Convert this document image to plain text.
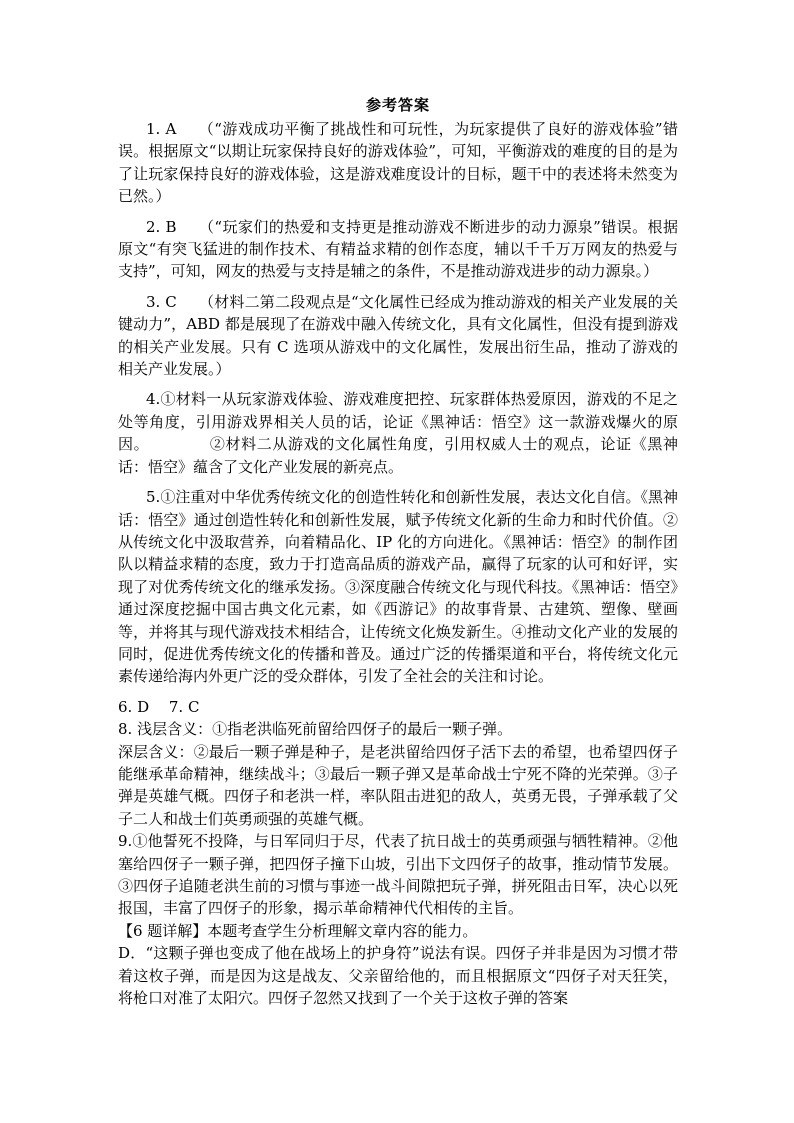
参考答案

1. A （“游戏成功平衡了挑战性和可玩性，为玩家提供了良好的游戏体验”错误。根据原文“以期让玩家保持良好的游戏体验”，可知，平衡游戏的难度的目的是为了让玩家保持良好的游戏体验，这是游戏难度设计的目标，题干中的表述将未然变为已然。）

2. B （“玩家们的热爱和支持更是推动游戏不断进步的动力源泉”错误。根据原文“有突飞猛进的制作技术、有精益求精的创作态度，辅以千千万万网友的热爱与支持”，可知，网友的热爱与支持是辅之的条件，不是推动游戏进步的动力源泉。）

3. C （材料二第二段观点是“文化属性已经成为推动游戏的相关产业发展的关键动力”，ABD 都是展现了在游戏中融入传统文化，具有文化属性，但没有提到游戏的相关产业发展。只有 C 选项从游戏中的文化属性，发展出衍生品，推动了游戏的相关产业发展。）

4.①材料一从玩家游戏体验、游戏难度把控、玩家群体热爱原因，游戏的不足之处等角度，引用游戏界相关人员的话，论证《黑神话：悟空》这一款游戏爆火的原因。	②材料二从游戏的文化属性角度，引用权威人士的观点，论证《黑神话：悟空》蕴含了文化产业发展的新亮点。

5.①注重对中华优秀传统文化的创造性转化和创新性发展，表达文化自信。《黑神话：悟空》通过创造性转化和创新性发展，赋予传统文化新的生命力和时代价值。②从传统文化中汲取营养，向着精品化、IP 化的方向进化。《黑神话：悟空》的制作团队以精益求精的态度，致力于打造高品质的游戏产品，赢得了玩家的认可和好评，实现了对优秀传统文化的继承发扬。③深度融合传统文化与现代科技。《黑神话：悟空》通过深度挖掘中国古典文化元素，如《西游记》的故事背景、古建筑、塑像、壁画等，并将其与现代游戏技术相结合，让传统文化焕发新生。④推动文化产业的发展的同时，促进优秀传统文化的传播和普及。通过广泛的传播渠道和平台，将传统文化元素传递给海内外更广泛的受众群体，引发了全社会的关注和讨论。

6. D　 7. C

8. 浅层含义：①指老洪临死前留给四伢子的最后一颗子弹。

深层含义：②最后一颗子弹是种子，是老洪留给四伢子活下去的希望，也希望四伢子能继承革命精神，继续战斗；③最后一颗子弹又是革命战士宁死不降的光荣弹。③子弹是英雄气概。四伢子和老洪一样，率队阻击进犯的敌人，英勇无畏，子弹承载了父子二人和战士们英勇顽强的英雄气概。

9.①他誓死不投降，与日军同归于尽，代表了抗日战士的英勇顽强与牺牲精神。②他塞给四伢子一颗子弹，把四伢子撞下山坡，引出下文四伢子的故事，推动情节发展。③四伢子追随老洪生前的习惯与事迹一战斗间隙把玩子弹，拼死阻击日军，决心以死报国，丰富了四伢子的形象，揭示革命精神代代相传的主旨。

【6 题详解】本题考查学生分析理解文章内容的能力。

D．“这颗子弹也变成了他在战场上的护身符”说法有误。四伢子并非是因为习惯才带着这枚子弹，而是因为这是战友、父亲留给他的，而且根据原文“四伢子对天狂笑，将枪口对准了太阳穴。四伢子忽然又找到了一个关于这枚子弹的答案
